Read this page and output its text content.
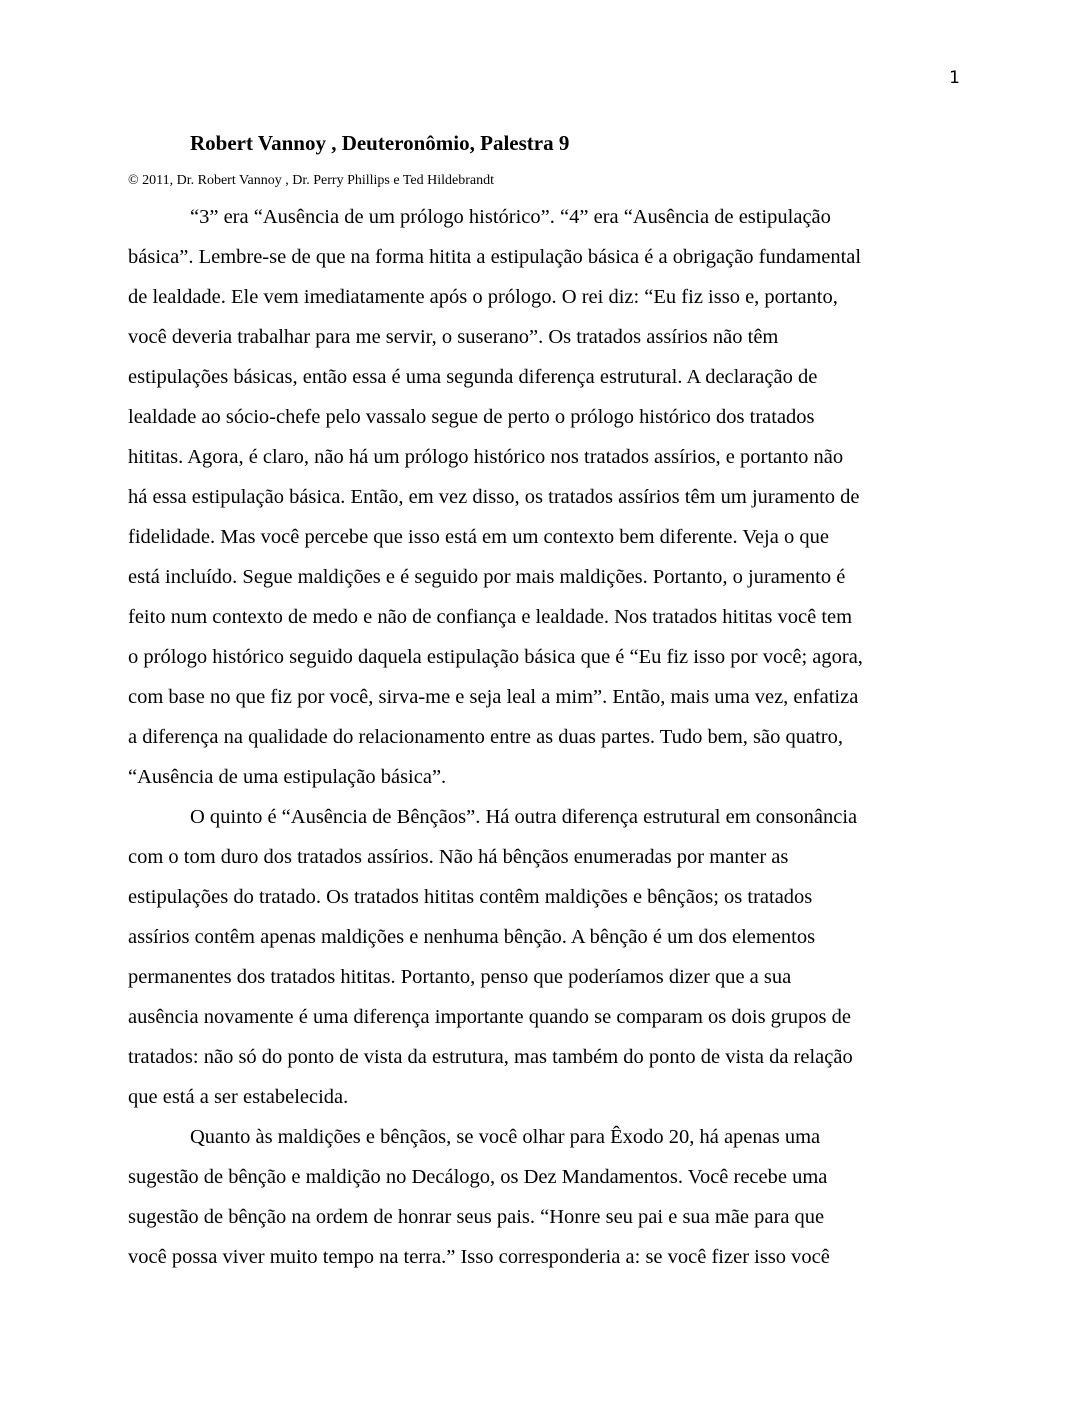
1
Robert Vannoy , Deuteronômio, Palestra 9
© 2011, Dr. Robert Vannoy , Dr. Perry Phillips e Ted Hildebrandt
“3” era “Ausência de um prólogo histórico”. “4” era “Ausência de estipulação
básica”. Lembre-se de que na forma hitita a estipulação básica é a obrigação fundamental
de lealdade. Ele vem imediatamente após o prólogo. O rei diz: “Eu fiz isso e, portanto,
você deveria trabalhar para me servir, o suserano”. Os tratados assírios não têm
estipulações básicas, então essa é uma segunda diferença estrutural. A declaração de
lealdade ao sócio-chefe pelo vassalo segue de perto o prólogo histórico dos tratados
hititas. Agora, é claro, não há um prólogo histórico nos tratados assírios, e portanto não
há essa estipulação básica. Então, em vez disso, os tratados assírios têm um juramento de
fidelidade. Mas você percebe que isso está em um contexto bem diferente. Veja o que
está incluído. Segue maldições e é seguido por mais maldições. Portanto, o juramento é
feito num contexto de medo e não de confiança e lealdade. Nos tratados hititas você tem
o prólogo histórico seguido daquela estipulação básica que é “Eu fiz isso por você; agora,
com base no que fiz por você, sirva-me e seja leal a mim”. Então, mais uma vez, enfatiza
a diferença na qualidade do relacionamento entre as duas partes. Tudo bem, são quatro,
“Ausência de uma estipulação básica”.
O quinto é “Ausência de Bênçãos”. Há outra diferença estrutural em consonância
com o tom duro dos tratados assírios. Não há bênçãos enumeradas por manter as
estipulações do tratado. Os tratados hititas contêm maldições e bênçãos; os tratados
assírios contêm apenas maldições e nenhuma bênção. A bênção é um dos elementos
permanentes dos tratados hititas. Portanto, penso que poderíamos dizer que a sua
ausência novamente é uma diferença importante quando se comparam os dois grupos de
tratados: não só do ponto de vista da estrutura, mas também do ponto de vista da relação
que está a ser estabelecida.
Quanto às maldições e bênçãos, se você olhar para Êxodo 20, há apenas uma
sugestão de bênção e maldição no Decálogo, os Dez Mandamentos. Você recebe uma
sugestão de bênção na ordem de honrar seus pais. “Honre seu pai e sua mãe para que
você possa viver muito tempo na terra.” Isso corresponderia a: se você fizer isso você
